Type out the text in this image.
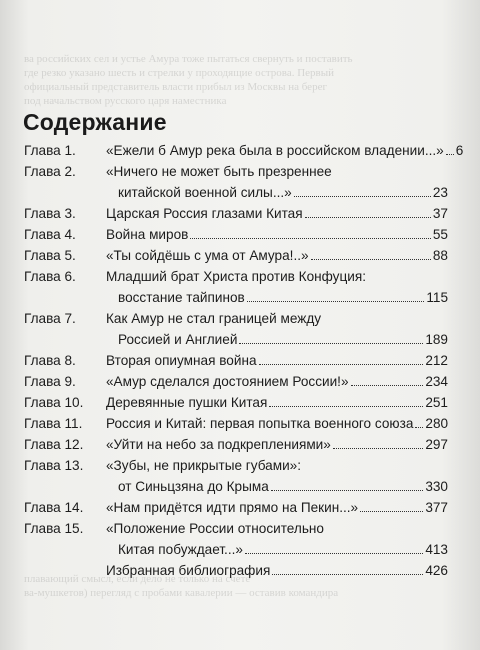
ва российских сел и устье Амура тоже пытаться свернуть и поставить
где резко указано шесть и стрелки у проходящие острова. Первый
официальный представитель власти прибыл из Москвы на берег
под начальством русского царя наместника
Содержание
Глава 1.	«Ежели б Амур река была в российском владении...» 6
Глава 2.	«Ничего не может быть презреннее
китайской военной силы...»	23
Глава 3.	Царская Россия глазами Китая	37
Глава 4.	Война миров	55
Глава 5.	«Ты сойдёшь с ума от Амура!..»	88
Глава 6.	Младший брат Христа против Конфуция:
восстание тайпинов	115
Глава 7.	Как Амур не стал границей между
Россией и Англией	189
Глава 8.	Вторая опиумная война	212
Глава 9.	«Амур сделался достоянием России!»	234
Глава 10.	Деревянные пушки Китая	251
Глава 11.	Россия и Китай: первая попытка военного союза 280
Глава 12.	«Уйти на небо за подкреплениями»	297
Глава 13.	«Зубы, не прикрытые губами»:
от Синьцзяна до Крыма	330
Глава 14.	«Нам придётся идти прямо на Пекин...»	377
Глава 15.	«Положение России относительно
Китая побуждает...»	413
Избранная библиография	426
плавающий смысл, если дело не только на счете
ва-мушкетов) пеpегляд с пробами кавалерии — оставив командира
